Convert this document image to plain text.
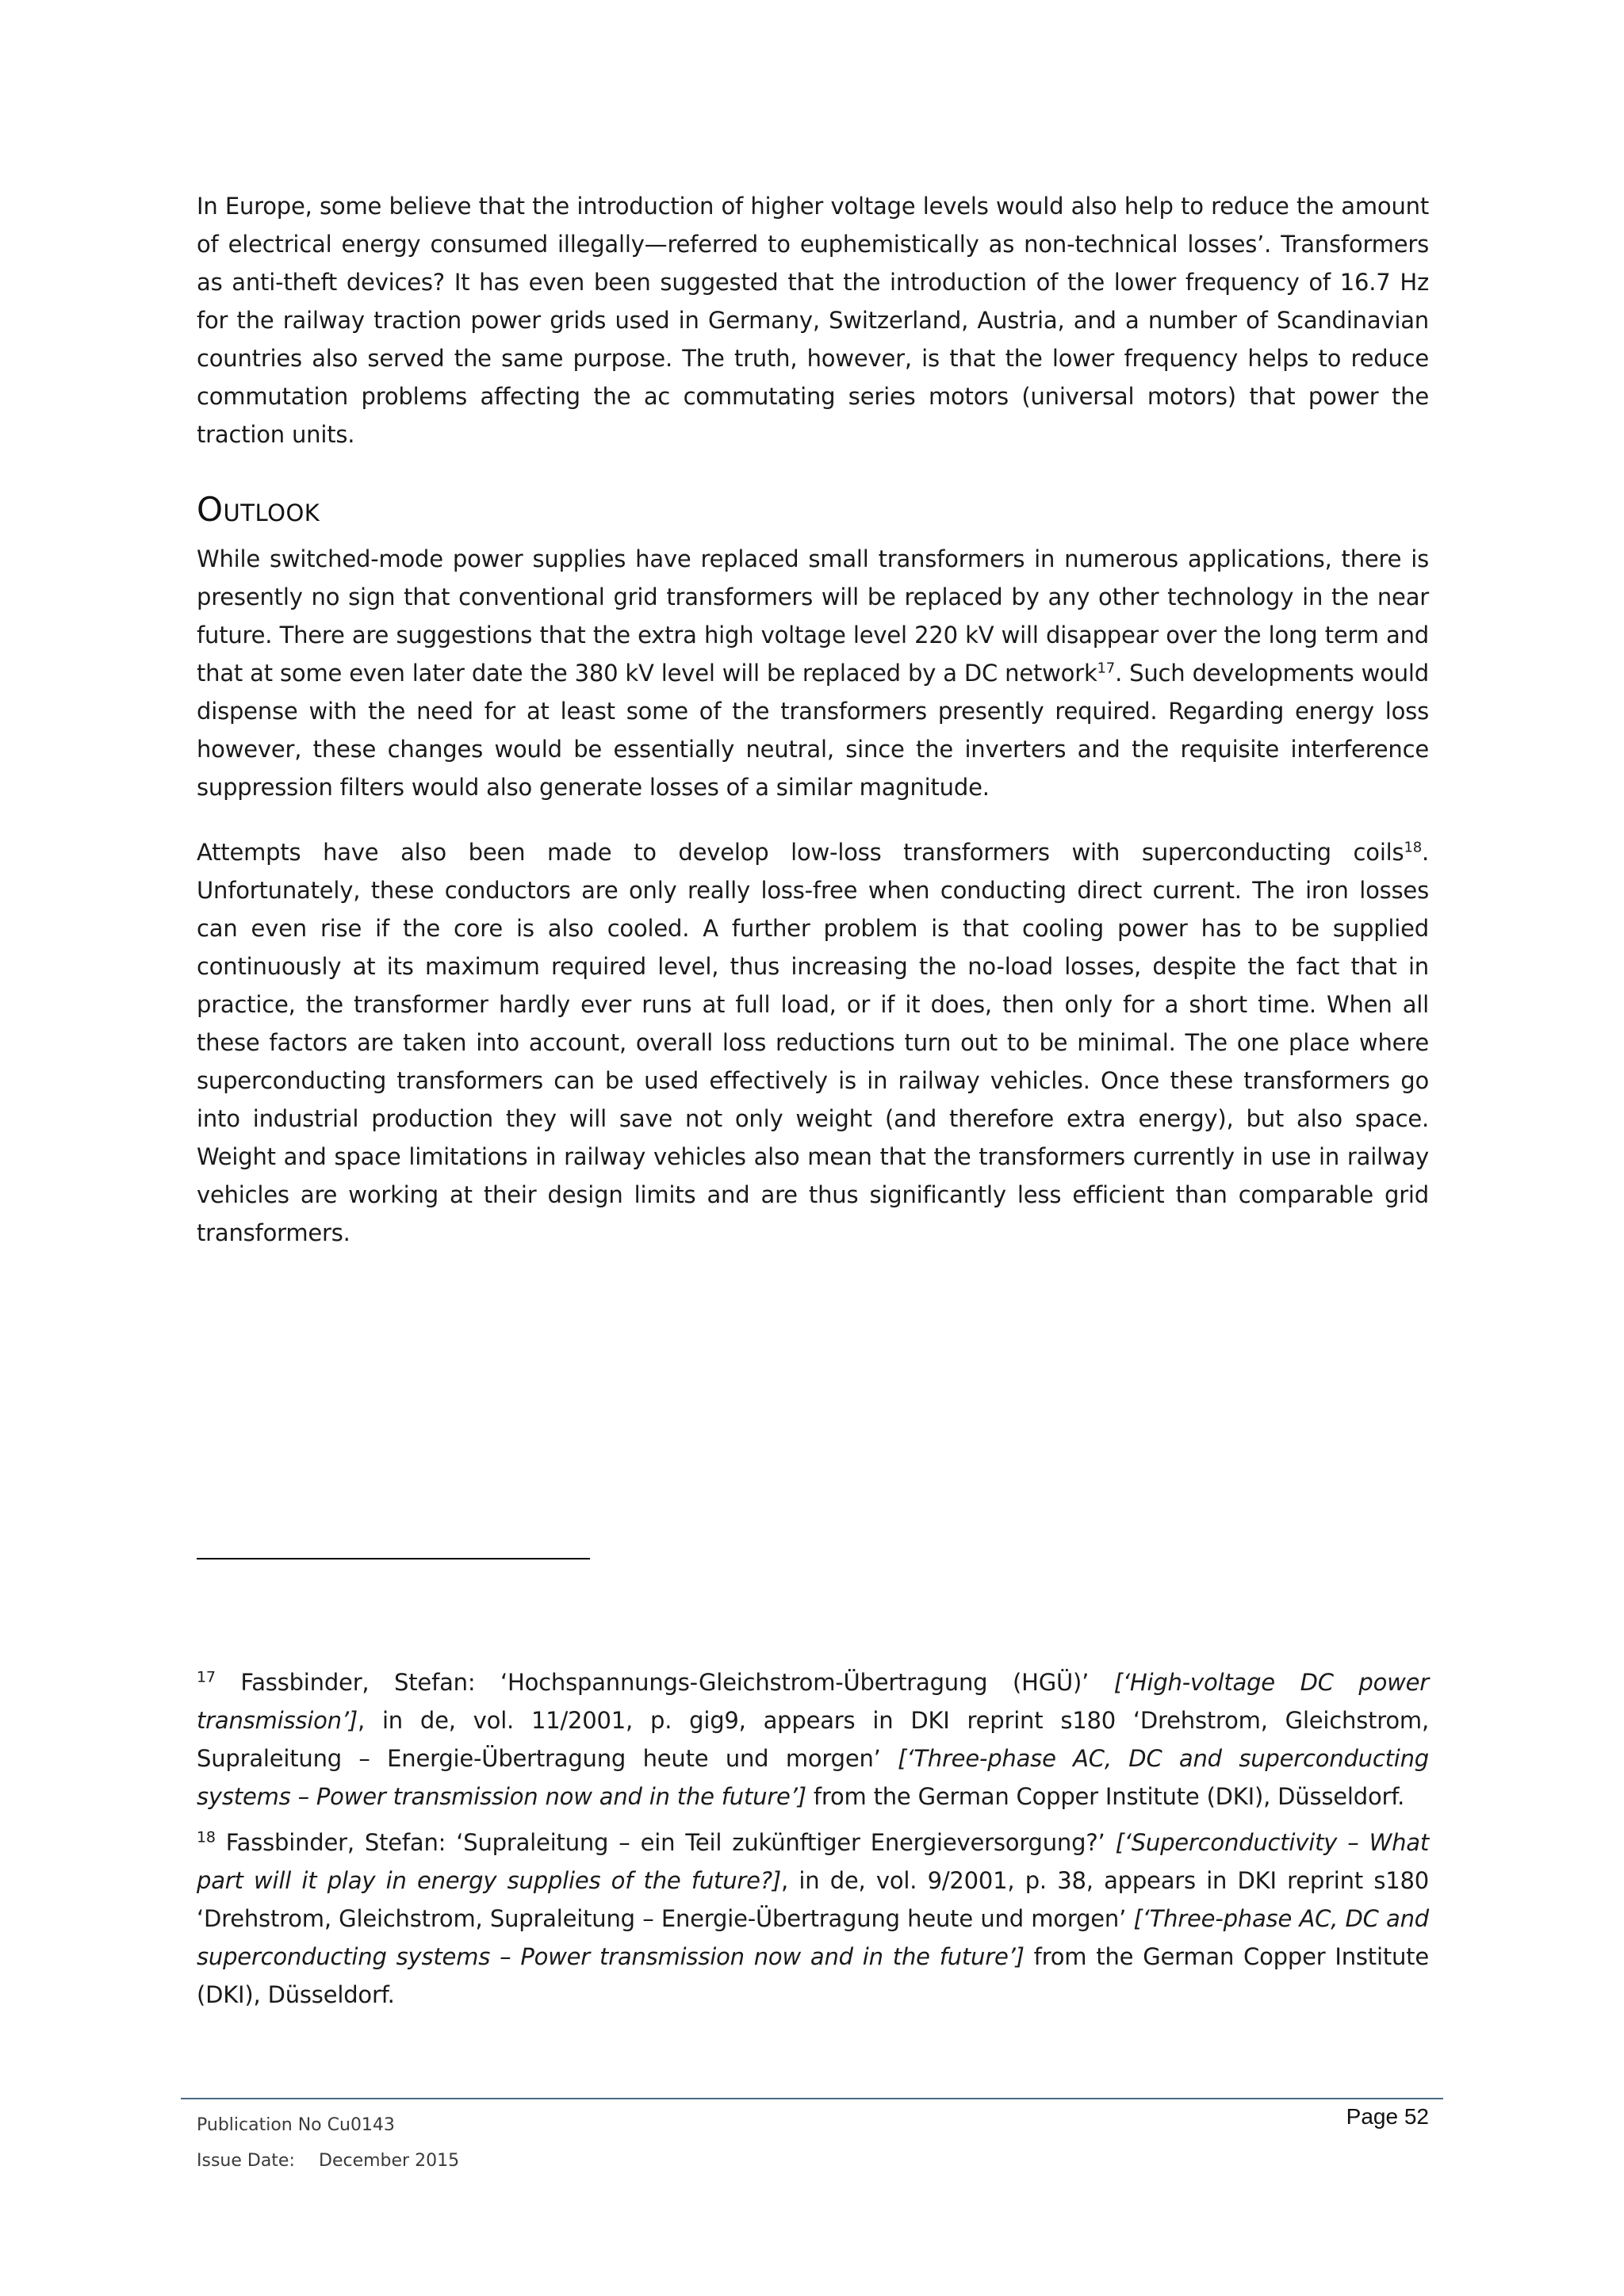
In Europe, some believe that the introduction of higher voltage levels would also help to reduce the amount of electrical energy consumed illegally—referred to euphemistically as non-technical losses’. Transformers as anti-theft devices? It has even been suggested that the introduction of the lower frequency of 16.7 Hz for the railway traction power grids used in Germany, Switzerland, Austria, and a number of Scandinavian countries also served the same purpose. The truth, however, is that the lower frequency helps to reduce commutation problems affecting the ac commutating series motors (universal motors) that power the traction units.

Outlook

While switched-mode power supplies have replaced small transformers in numerous applications, there is presently no sign that conventional grid transformers will be replaced by any other technology in the near future. There are suggestions that the extra high voltage level 220 kV will disappear over the long term and that at some even later date the 380 kV level will be replaced by a DC network$^{17}$. Such developments would dispense with the need for at least some of the transformers presently required. Regarding energy loss however, these changes would be essentially neutral, since the inverters and the requisite interference suppression filters would also generate losses of a similar magnitude.

Attempts have also been made to develop low-loss transformers with superconducting coils$^{18}$. Unfortunately, these conductors are only really loss-free when conducting direct current. The iron losses can even rise if the core is also cooled. A further problem is that cooling power has to be supplied continuously at its maximum required level, thus increasing the no-load losses, despite the fact that in practice, the transformer hardly ever runs at full load, or if it does, then only for a short time. When all these factors are taken into account, overall loss reductions turn out to be minimal. The one place where superconducting transformers can be used effectively is in railway vehicles. Once these transformers go into industrial production they will save not only weight (and therefore extra energy), but also space. Weight and space limitations in railway vehicles also mean that the transformers currently in use in railway vehicles are working at their design limits and are thus significantly less efficient than comparable grid transformers.

$^{17}$ Fassbinder, Stefan: ‘Hochspannungs-Gleichstrom-Übertragung (HGÜ)’ [‘High-voltage DC power transmission’], in de, vol. 11/2001, p. gig9, appears in DKI reprint s180 ‘Drehstrom, Gleichstrom, Supraleitung – Energie-Übertragung heute und morgen’ [‘Three-phase AC, DC and superconducting systems – Power transmission now and in the future’] from the German Copper Institute (DKI), Düsseldorf.

$^{18}$ Fassbinder, Stefan: ‘Supraleitung – ein Teil zukünftiger Energieversorgung?’ [‘Superconductivity – What part will it play in energy supplies of the future?], in de, vol. 9/2001, p. 38, appears in DKI reprint s180 ‘Drehstrom, Gleichstrom, Supraleitung – Energie-Übertragung heute und morgen’ [‘Three-phase AC, DC and superconducting systems – Power transmission now and in the future’] from the German Copper Institute (DKI), Düsseldorf.

Publication No Cu0143
Issue Date: December 2015
Page 52
